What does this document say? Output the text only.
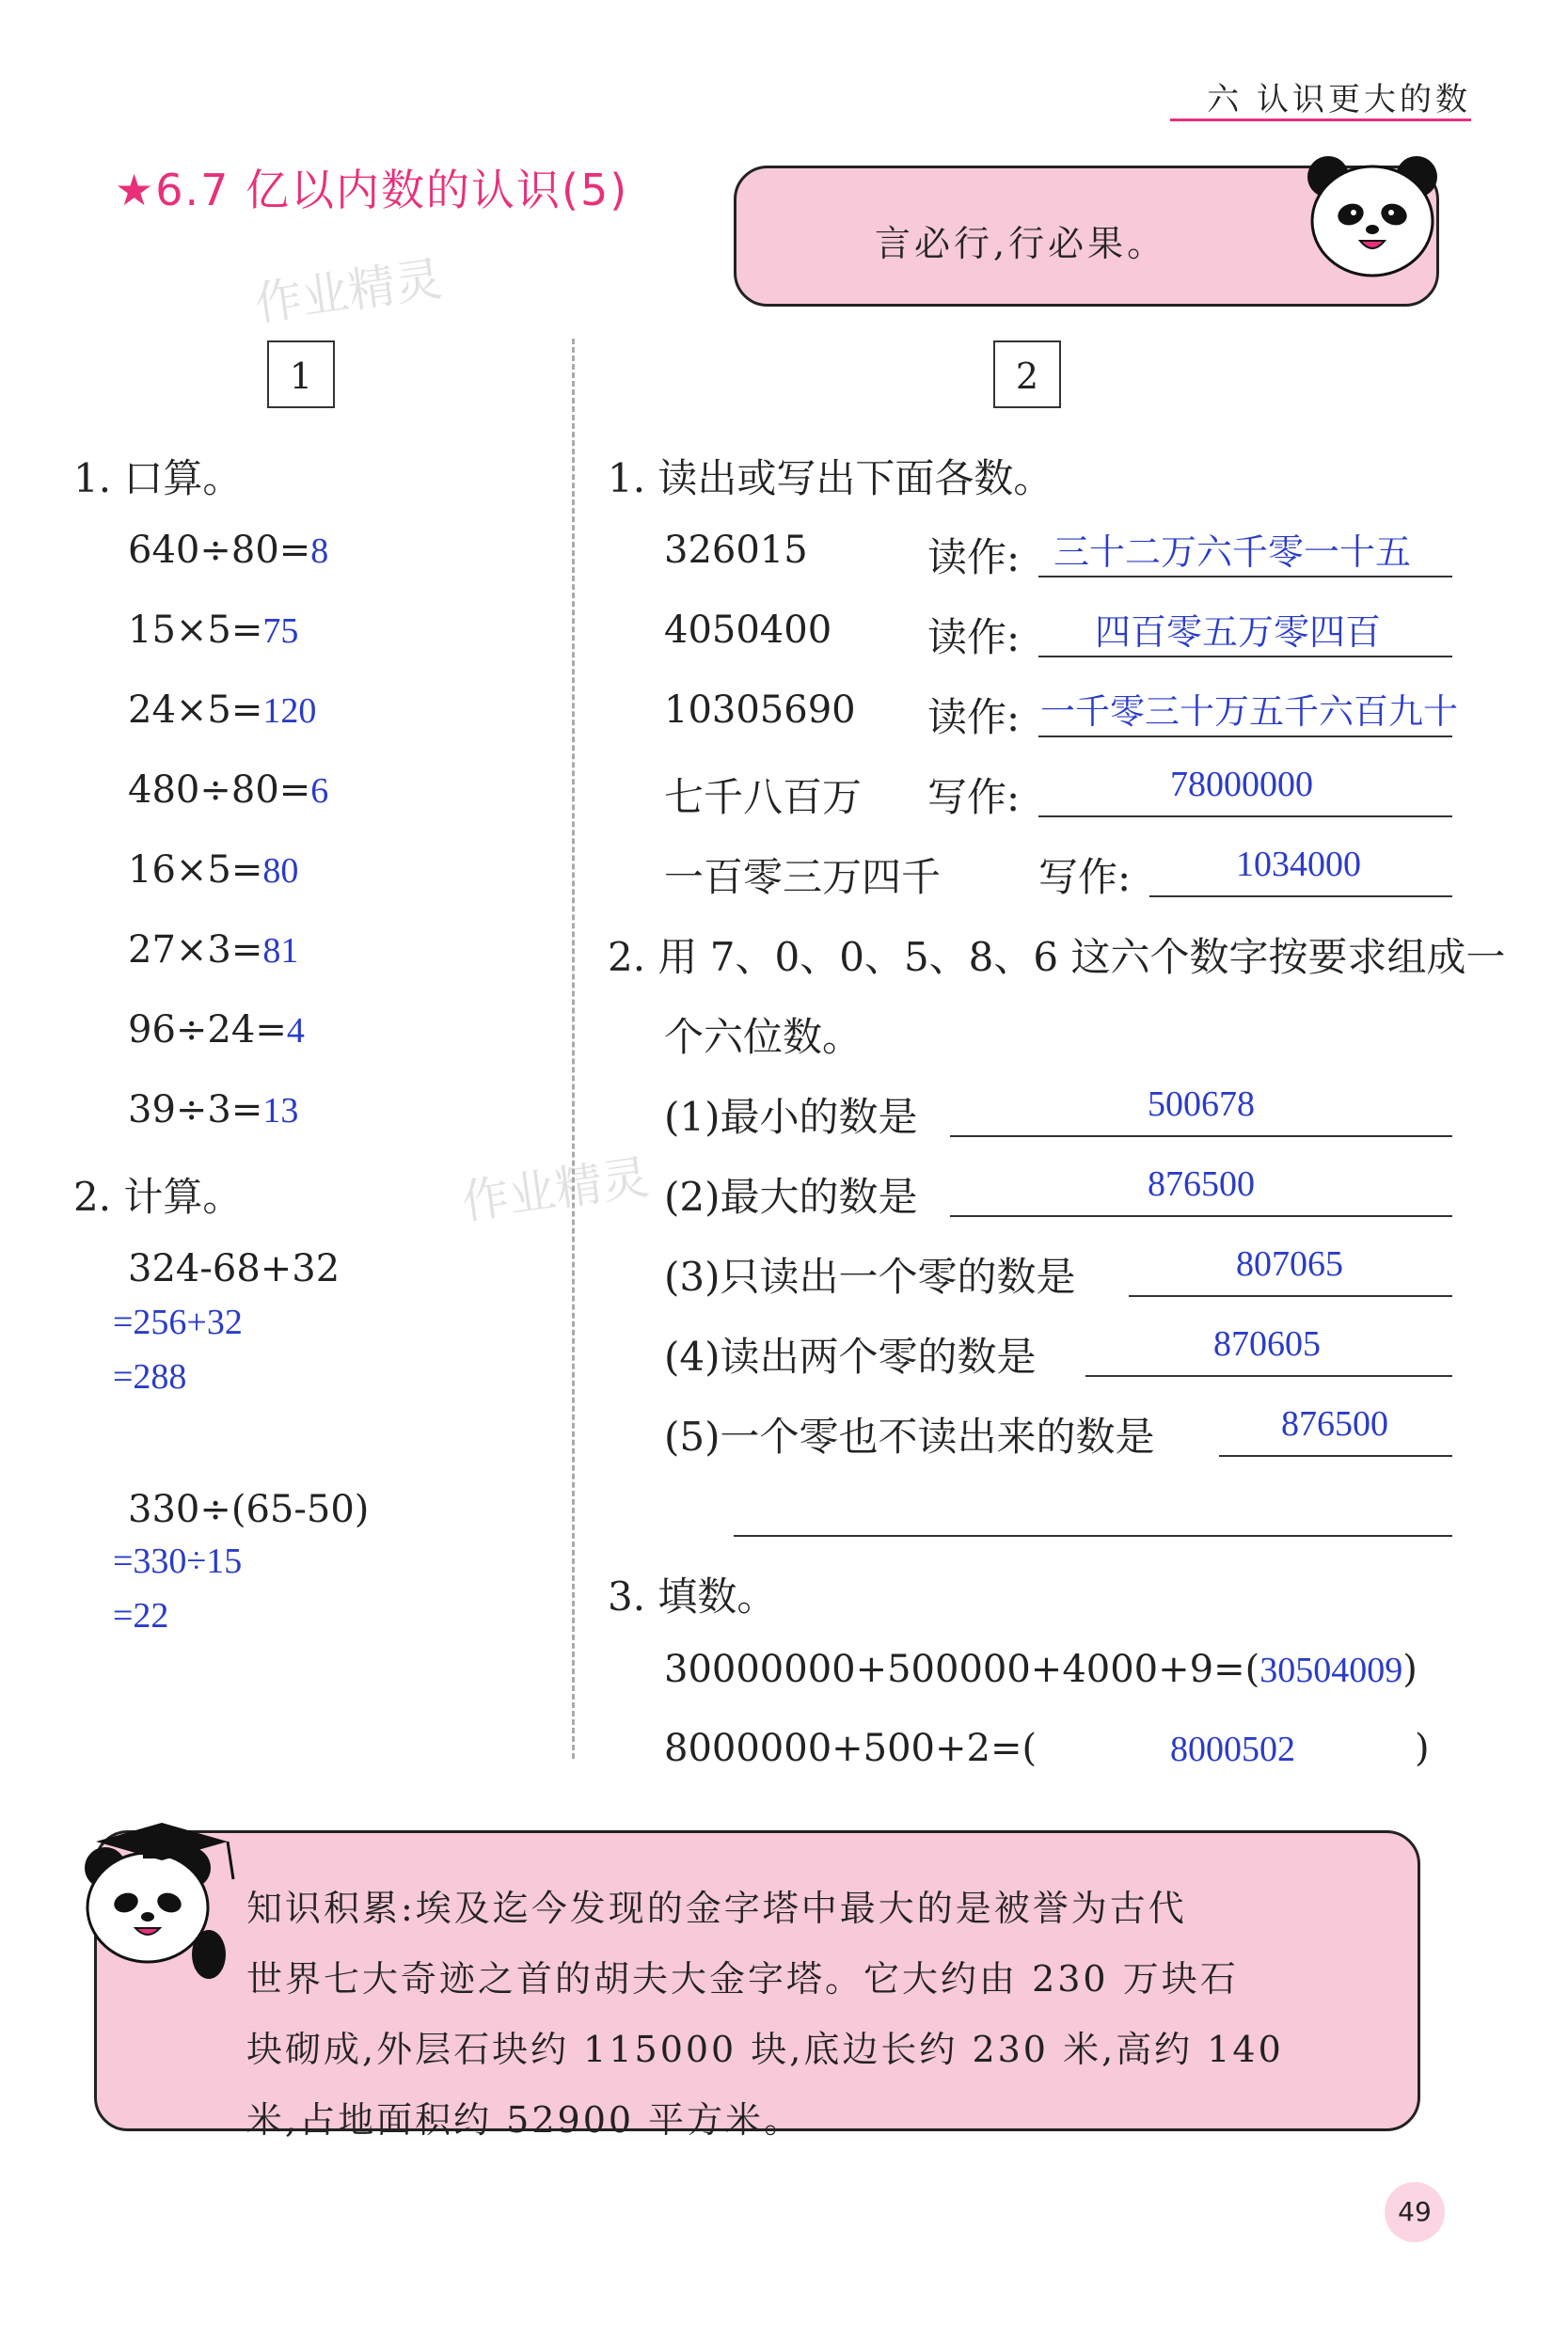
六 认识更大的数
★6.7 亿以内数的认识(5)
言必行,行必果。
作业精灵
作业精灵
1
1. 口算。
640÷80=8
15×5=75
24×5=120
480÷80=6
16×5=80
27×3=81
96÷24=4
39÷3=13
2. 计算。
324-68+32
=256+32
=288
330÷(65-50)
=330÷15
=22
2
1. 读出或写出下面各数。
326015	读作: 三十二万六千零一十五
4050400 读作: 四百零五万零四百
10305690 读作: 一千零三十万五千六百九十
七千八百万 写作:	78000000
一百零三万四千 写作:	1034000
2. 用 7、0、0、5、8、6 这六个数字按要求组成一
个六位数。
(1)最小的数是	500678
(2)最大的数是	876500
(3)只读出一个零的数是	807065
(4)读出两个零的数是	870605
(5)一个零也不读出来的数是	876500
3. 填数。
30000000+500000+4000+9=(30504009)
8000000+500+2=(	8000502	)
知识积累:埃及迄今发现的金字塔中最大的是被誉为古代
世界七大奇迹之首的胡夫大金字塔。它大约由 230 万块石
块砌成,外层石块约 115000 块,底边长约 230 米,高约 140
米,占地面积约 52900 平方米。
49
